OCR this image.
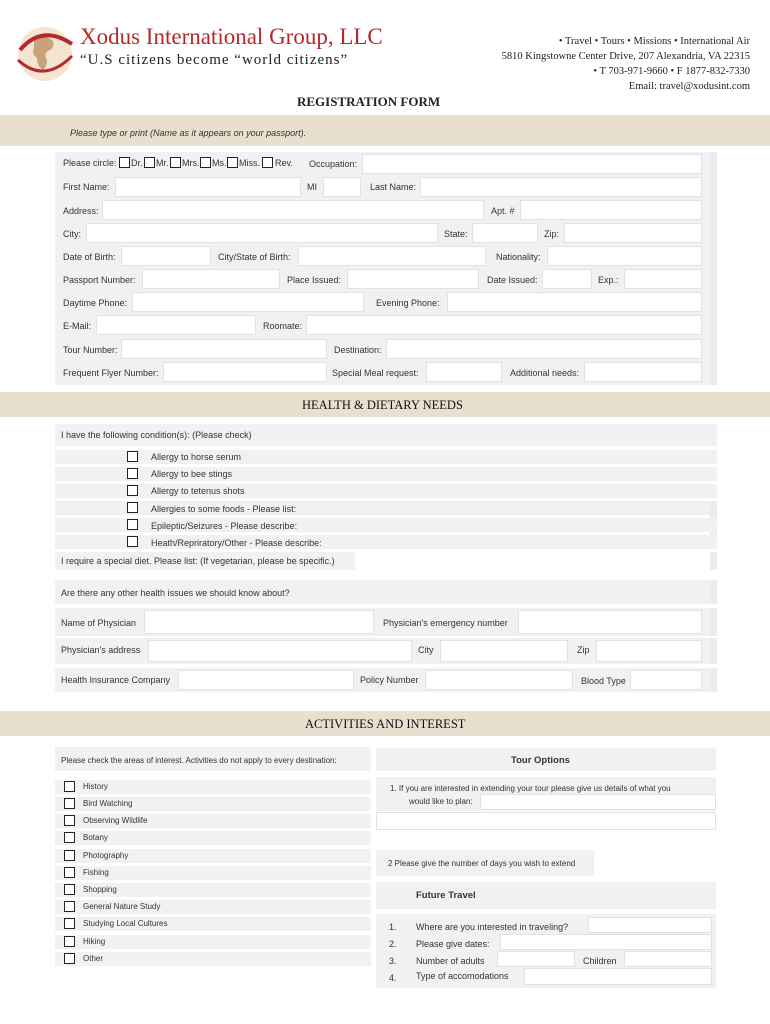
Xodus International Group, LLC
“U.S citizens become “world citizens”
• Travel • Tours • Missions • International Air
5810 Kingstowne Center Drive, 207 Alexandria, VA 22315
• T 703-971-9660 • F 1877-832-7330
Email: travel@xodusint.com
REGISTRATION FORM
Please type or print (Name as it appears on your passport).
Please circle: Dr. Mr. Mrs. Ms. Miss. Rev. Occupation:
First Name:	MI	Last Name:
Address:	Apt. #
City:	State:	Zip:
Date of Birth:	City/State of Birth:	Nationality:
Passport Number:	Place Issued:	Date Issued:	Exp.:
Daytime Phone:	Evening Phone:
E-Mail:	Roomate:
Tour Number:	Destination:
Frequent Flyer Number:	Special Meal request:	Additional needs:
HEALTH & DIETARY NEEDS
I have the following condition(s): (Please check)
Allergy to horse serum
Allergy to bee stings
Allergy to tetenus shots
Allergies to some foods - Please list:
Epileptic/Seizures - Please describe:
Heath/Repriratory/Other - Please describe:
I require a special diet. Please list: (If vegetarian, please be specific.)
Are there any other health issues we should know about?
Name of Physician	Physician's emergency number
Physician's address	City	Zip
Health Insurance Company	Policy Number	Blood Type
ACTIVITIES AND INTEREST
Please check the areas of interest. Activities do not apply to every destination:
History
Bird Watching
Observing Wildlife
Botany
Photography
Fishing
Shopping
General Nature Study
Studying Local Cultures
Hiking
Other
Tour Options
1. If you are interested in extending your tour please give us details of what you
would like to plan:
2 Please give the number of days you wish to extend
Future Travel
1. Where are you interested in traveling?
2. Please give dates:
3. Number of adults	Children
4. Type of accomodations
